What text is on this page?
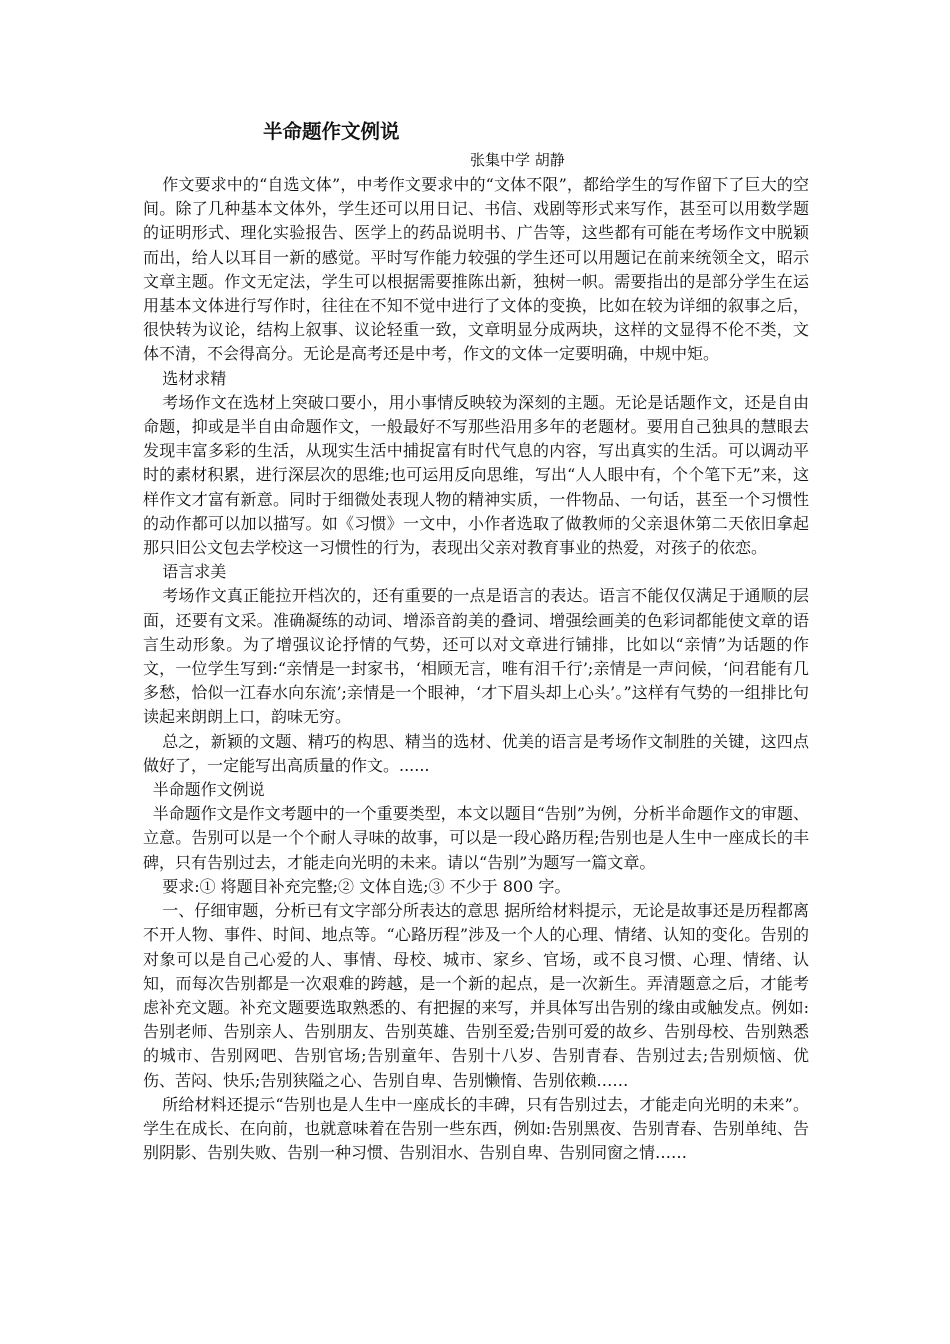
半命题作文例说
张集中学 胡静

作文要求中的“自选文体”，中考作文要求中的“文体不限”，都给学生的写作留下了巨大的空间。除了几种基本文体外，学生还可以用日记、书信、戏剧等形式来写作，甚至可以用数学题的证明形式、理化实验报告、医学上的药品说明书、广告等，这些都有可能在考场作文中脱颖而出，给人以耳目一新的感觉。平时写作能力较强的学生还可以用题记在前来统领全文，昭示文章主题。作文无定法，学生可以根据需要推陈出新，独树一帜。需要指出的是部分学生在运用基本文体进行写作时，往往在不知不觉中进行了文体的变换，比如在较为详细的叙事之后，很快转为议论，结构上叙事、议论轻重一致，文章明显分成两块，这样的文显得不伦不类，文体不清，不会得高分。无论是高考还是中考，作文的文体一定要明确，中规中矩。

选材求精

考场作文在选材上突破口要小，用小事情反映较为深刻的主题。无论是话题作文，还是自由命题，抑或是半自由命题作文，一般最好不写那些沿用多年的老题材。要用自己独具的慧眼去发现丰富多彩的生活，从现实生活中捕捉富有时代气息的内容，写出真实的生活。可以调动平时的素材积累，进行深层次的思维;也可运用反向思维，写出“人人眼中有，个个笔下无”来，这样作文才富有新意。同时于细微处表现人物的精神实质，一件物品、一句话，甚至一个习惯性的动作都可以加以描写。如《习惯》一文中，小作者选取了做教师的父亲退休第二天依旧拿起那只旧公文包去学校这一习惯性的行为，表现出父亲对教育事业的热爱，对孩子的依恋。

语言求美

考场作文真正能拉开档次的，还有重要的一点是语言的表达。语言不能仅仅满足于通顺的层面，还要有文采。准确凝练的动词、增添音韵美的叠词、增强绘画美的色彩词都能使文章的语言生动形象。为了增强议论抒情的气势，还可以对文章进行铺排，比如以“亲情”为话题的作文，一位学生写到:“亲情是一封家书，‘相顾无言，唯有泪千行’;亲情是一声问候，‘问君能有几多愁，恰似一江春水向东流’;亲情是一个眼神，‘才下眉头却上心头’。”这样有气势的一组排比句读起来朗朗上口，韵味无穷。

总之，新颖的文题、精巧的构思、精当的选材、优美的语言是考场作文制胜的关键，这四点做好了，一定能写出高质量的作文。......

半命题作文例说

半命题作文是作文考题中的一个重要类型，本文以题目“告别”为例，分析半命题作文的审题、立意。告别可以是一个个耐人寻味的故事，可以是一段心路历程;告别也是人生中一座成长的丰碑，只有告别过去，才能走向光明的未来。请以“告别”为题写一篇文章。

要求:① 将题目补充完整;② 文体自选;③ 不少于 800 字。

一、仔细审题，分析已有文字部分所表达的意思 据所给材料提示，无论是故事还是历程都离不开人物、事件、时间、地点等。“心路历程”涉及一个人的心理、情绪、认知的变化。告别的对象可以是自己心爱的人、事情、母校、城市、家乡、官场，或不良习惯、心理、情绪、认知，而每次告别都是一次艰难的跨越，是一个新的起点，是一次新生。弄清题意之后，才能考虑补充文题。补充文题要选取熟悉的、有把握的来写，并具体写出告别的缘由或触发点。例如:告别老师、告别亲人、告别朋友、告别英雄、告别至爱;告别可爱的故乡、告别母校、告别熟悉的城市、告别网吧、告别官场;告别童年、告别十八岁、告别青春、告别过去;告别烦恼、优伤、苦闷、快乐;告别狭隘之心、告别自卑、告别懒惰、告别依赖……

所给材料还提示“告别也是人生中一座成长的丰碑，只有告别过去，才能走向光明的未来”。学生在成长、在向前，也就意味着在告别一些东西，例如:告别黑夜、告别青春、告别单纯、告别阴影、告别失败、告别一种习惯、告别泪水、告别自卑、告别同窗之情……
